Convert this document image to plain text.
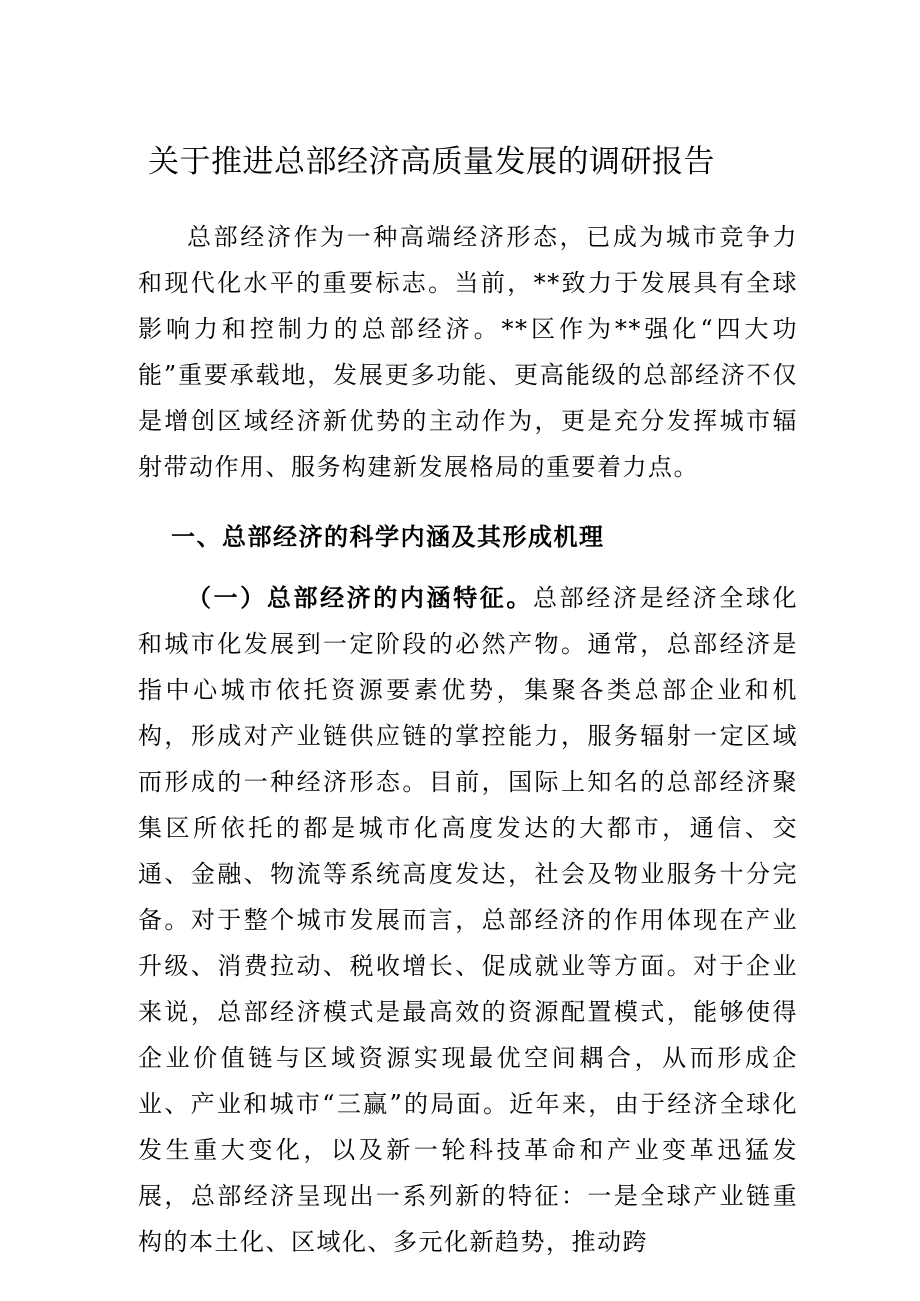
关于推进总部经济高质量发展的调研报告

总部经济作为一种高端经济形态，已成为城市竞争力和现代化水平的重要标志。当前，**致力于发展具有全球影响力和控制力的总部经济。**区作为**强化“四大功能”重要承载地，发展更多功能、更高能级的总部经济不仅是增创区域经济新优势的主动作为，更是充分发挥城市辐射带动作用、服务构建新发展格局的重要着力点。

一、总部经济的科学内涵及其形成机理

（一）总部经济的内涵特征。总部经济是经济全球化和城市化发展到一定阶段的必然产物。通常，总部经济是指中心城市依托资源要素优势，集聚各类总部企业和机构，形成对产业链供应链的掌控能力，服务辐射一定区域而形成的一种经济形态。目前，国际上知名的总部经济聚集区所依托的都是城市化高度发达的大都市，通信、交通、金融、物流等系统高度发达，社会及物业服务十分完备。对于整个城市发展而言，总部经济的作用体现在产业升级、消费拉动、税收增长、促成就业等方面。对于企业来说，总部经济模式是最高效的资源配置模式，能够使得企业价值链与区域资源实现最优空间耦合，从而形成企业、产业和城市“三赢”的局面。近年来，由于经济全球化发生重大变化，以及新一轮科技革命和产业变革迅猛发展，总部经济呈现出一系列新的特征：一是全球产业链重构的本土化、区域化、多元化新趋势，推动跨
